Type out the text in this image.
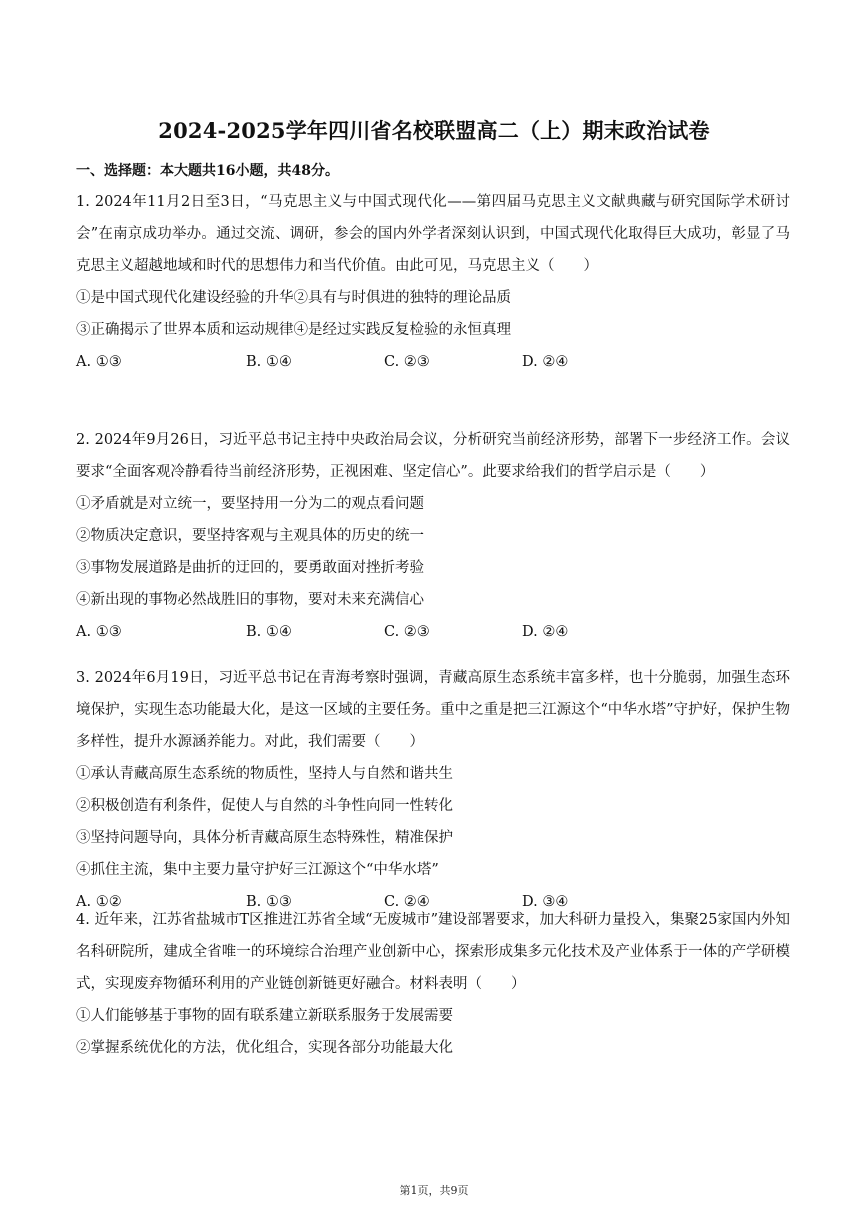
2024-2025学年四川省名校联盟高二（上）期末政治试卷
一、选择题：本大题共16小题，共48分。

1. 2024年11月2日至3日，“马克思主义与中国式现代化——第四届马克思主义文献典藏与研究国际学术研讨会”在南京成功举办。通过交流、调研，参会的国内外学者深刻认识到，中国式现代化取得巨大成功，彰显了马克思主义超越地域和时代的思想伟力和当代价值。由此可见，马克思主义（　　）

①是中国式现代化建设经验的升华②具有与时俱进的独特的理论品质
③正确揭示了世界本质和运动规律④是经过实践反复检验的永恒真理
A. ①③	B. ①④	C. ②③	D. ②④

2. 2024年9月26日，习近平总书记主持中央政治局会议，分析研究当前经济形势，部署下一步经济工作。会议要求“全面客观冷静看待当前经济形势，正视困难、坚定信心”。此要求给我们的哲学启示是（　　）

①矛盾就是对立统一，要坚持用一分为二的观点看问题
②物质决定意识，要坚持客观与主观具体的历史的统一
③事物发展道路是曲折的迂回的，要勇敢面对挫折考验
④新出现的事物必然战胜旧的事物，要对未来充满信心
A. ①③	B. ①④	C. ②③	D. ②④

3. 2024年6月19日，习近平总书记在青海考察时强调，青藏高原生态系统丰富多样，也十分脆弱，加强生态环境保护，实现生态功能最大化，是这一区域的主要任务。重中之重是把三江源这个“中华水塔”守护好，保护生物多样性，提升水源涵养能力。对此，我们需要（　　）

①承认青藏高原生态系统的物质性，坚持人与自然和谐共生
②积极创造有利条件，促使人与自然的斗争性向同一性转化
③坚持问题导向，具体分析青藏高原生态特殊性，精准保护
④抓住主流，集中主要力量守护好三江源这个“中华水塔”
A. ①②	B. ①③	C. ②④	D. ③④

4. 近年来，江苏省盐城市T区推进江苏省全域“无废城市”建设部署要求，加大科研力量投入，集聚25家国内外知名科研院所，建成全省唯一的环境综合治理产业创新中心，探索形成集多元化技术及产业体系于一体的产学研模式，实现废弃物循环利用的产业链创新链更好融合。材料表明（　　）

①人们能够基于事物的固有联系建立新联系服务于发展需要
②掌握系统优化的方法，优化组合，实现各部分功能最大化
第1页，共9页
